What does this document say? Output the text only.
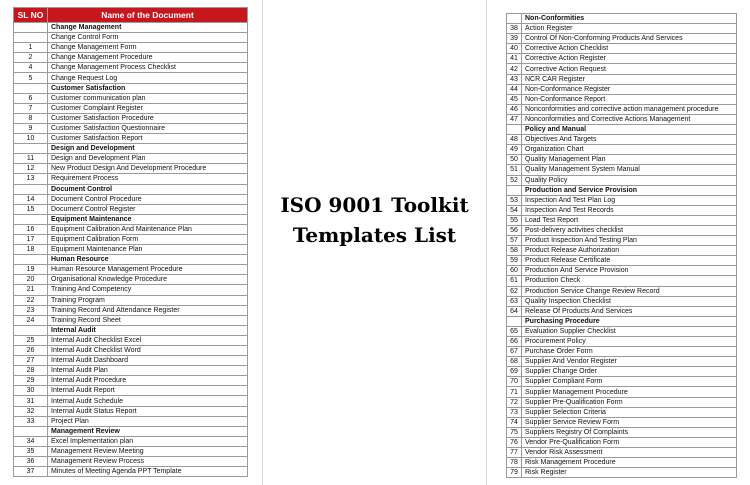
SL NO	Name of the Document
	Change Management
	Change Control Form
1	Change Management Form
2	Change Management Procedure
4	Change Management Process Checklist
5	Change Request Log
	Customer Satisfaction
6	Customer communication plan
7	Customer Complaint Register
8	Customer Satisfaction Procedure
9	Customer Satisfaction Questionnaire
10	Customer Satisfaction Report
	Design and Development
11	Design and Development Plan
12	New Product Design And Development Procedure
13	Requirement Process
	Document Control
14	Document Control Procedure
15	Document Control Register
	Equipment Maintenance
16	Equipment Calibration And Maintenance Plan
17	Equipment Calibration Form
18	Equipment Maintenance Plan
	Human Resource
19	Human Resource Management Procedure
20	Organisational Knowledge Procedure
21	Training And Competency
22	Training Program
23	Training Record And Attendance Register
24	Training Record Sheet
	Internal Audit
25	Internal Audit Checklist Excel
26	Internal Audit Checklist Word
27	Internal Audit Dashboard
28	Internal Audit Plan
29	Internal Audit Procedure
30	Internal Audit Report
31	Internal Audit Schedule
32	Internal Audit Status Report
33	Project Plan
	Management Review
34	Excel Implementation plan
35	Management Review Meeting
36	Management Review Process
37	Minutes of Meeting Agenda PPT Template
ISO 9001 Toolkit
Templates List
	Non-Conformities
38	Action Register
39	Control Of Non-Conforming Products And Services
40	Corrective Action Checklist
41	Corrective Action Register
42	Corrective Action Request
43	NCR CAR Register
44	Non-Conformance Register
45	Non-Conformance Report
46	Nonconformities and corrective action management procedure
47	Nonconformities and Corrective Actions Management
	Policy and Manual
48	Objectives And Targets
49	Organization Chart
50	Quality Management Plan
51	Quality Management System Manual
52	Quality Policy
	Production and Service Provision
53	Inspection And Test Plan Log
54	Inspection And Test Records
55	Load Test Report
56	Post-delivery activities checklist
57	Product Inspection And Testing Plan
58	Product Release Authorization
59	Product Release Certificate
60	Production And Service Provision
61	Production Check
62	Production Service Change Review Record
63	Quality Inspection Checklist
64	Release Of Products And Services
	Purchasing Procedure
65	Evaluation Supplier Checklist
66	Procurement Policy
67	Purchase Order Form
68	Supplier And Vendor Register
69	Supplier Change Order
70	Supplier Compliant Form
71	Supplier Management Procedure
72	Supplier Pre-Qualification Form
73	Supplier Selection Criteria
74	Supplier Service Review Form
75	Suppliers Registry Of Complaints
76	Vendor Pre-Qualification Form
77	Vendor Risk Assessment
78	Risk Management Procedure
79	Risk Register
